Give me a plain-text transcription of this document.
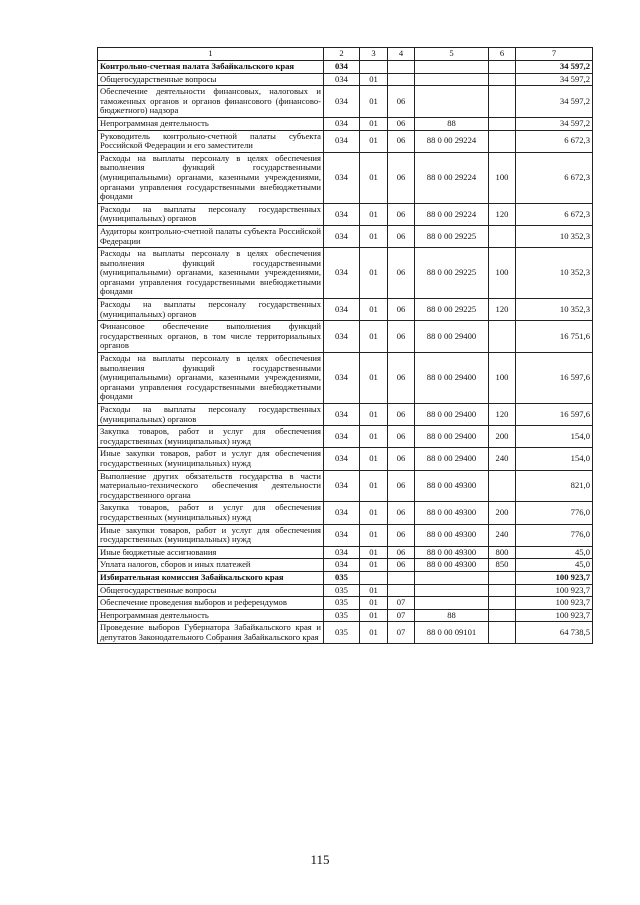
1	2	3	4	5	6	7
Контрольно-счетная палата Забайкальского края	034					34 597,2
Общегосударственные вопросы	034	01				34 597,2
Обеспечение деятельности финансовых, налоговых и таможенных органов и органов финансового (финансово-бюджетного) надзора	034	01	06			34 597,2
Непрограммная деятельность	034	01	06	88		34 597,2
Руководитель контрольно-счетной палаты субъекта Российской Федерации и его заместители	034	01	06	88 0 00 29224		6 672,3
Расходы на выплаты персоналу в целях обеспечения выполнения функций государственными (муниципальными) органами, казенными учреждениями, органами управления государственными внебюджетными фондами	034	01	06	88 0 00 29224	100	6 672,3
Расходы на выплаты персоналу государственных (муниципальных) органов	034	01	06	88 0 00 29224	120	6 672,3
Аудиторы контрольно-счетной палаты субъекта Российской Федерации	034	01	06	88 0 00 29225		10 352,3
Расходы на выплаты персоналу в целях обеспечения выполнения функций государственными (муниципальными) органами, казенными учреждениями, органами управления государственными внебюджетными фондами	034	01	06	88 0 00 29225	100	10 352,3
Расходы на выплаты персоналу государственных (муниципальных) органов	034	01	06	88 0 00 29225	120	10 352,3
Финансовое обеспечение выполнения функций государственных органов, в том числе территориальных органов	034	01	06	88 0 00 29400		16 751,6
Расходы на выплаты персоналу в целях обеспечения выполнения функций государственными (муниципальными) органами, казенными учреждениями, органами управления государственными внебюджетными фондами	034	01	06	88 0 00 29400	100	16 597,6
Расходы на выплаты персоналу государственных (муниципальных) органов	034	01	06	88 0 00 29400	120	16 597,6
Закупка товаров, работ и услуг для обеспечения государственных (муниципальных) нужд	034	01	06	88 0 00 29400	200	154,0
Иные закупки товаров, работ и услуг для обеспечения государственных (муниципальных) нужд	034	01	06	88 0 00 29400	240	154,0
Выполнение других обязательств государства в части материально-технического обеспечения деятельности государственного органа	034	01	06	88 0 00 49300		821,0
Закупка товаров, работ и услуг для обеспечения государственных (муниципальных) нужд	034	01	06	88 0 00 49300	200	776,0
Иные закупки товаров, работ и услуг для обеспечения государственных (муниципальных) нужд	034	01	06	88 0 00 49300	240	776,0
Иные бюджетные ассигнования	034	01	06	88 0 00 49300	800	45,0
Уплата налогов, сборов и иных платежей	034	01	06	88 0 00 49300	850	45,0
Избирательная комиссия Забайкальского края	035					100 923,7
Общегосударственные вопросы	035	01				100 923,7
Обеспечение проведения выборов и референдумов	035	01	07			100 923,7
Непрограммная деятельность	035	01	07	88		100 923,7
Проведение выборов Губернатора Забайкальского края и депутатов Законодательного Собрания Забайкальского края	035	01	07	88 0 00 09101		64 738,5
115
